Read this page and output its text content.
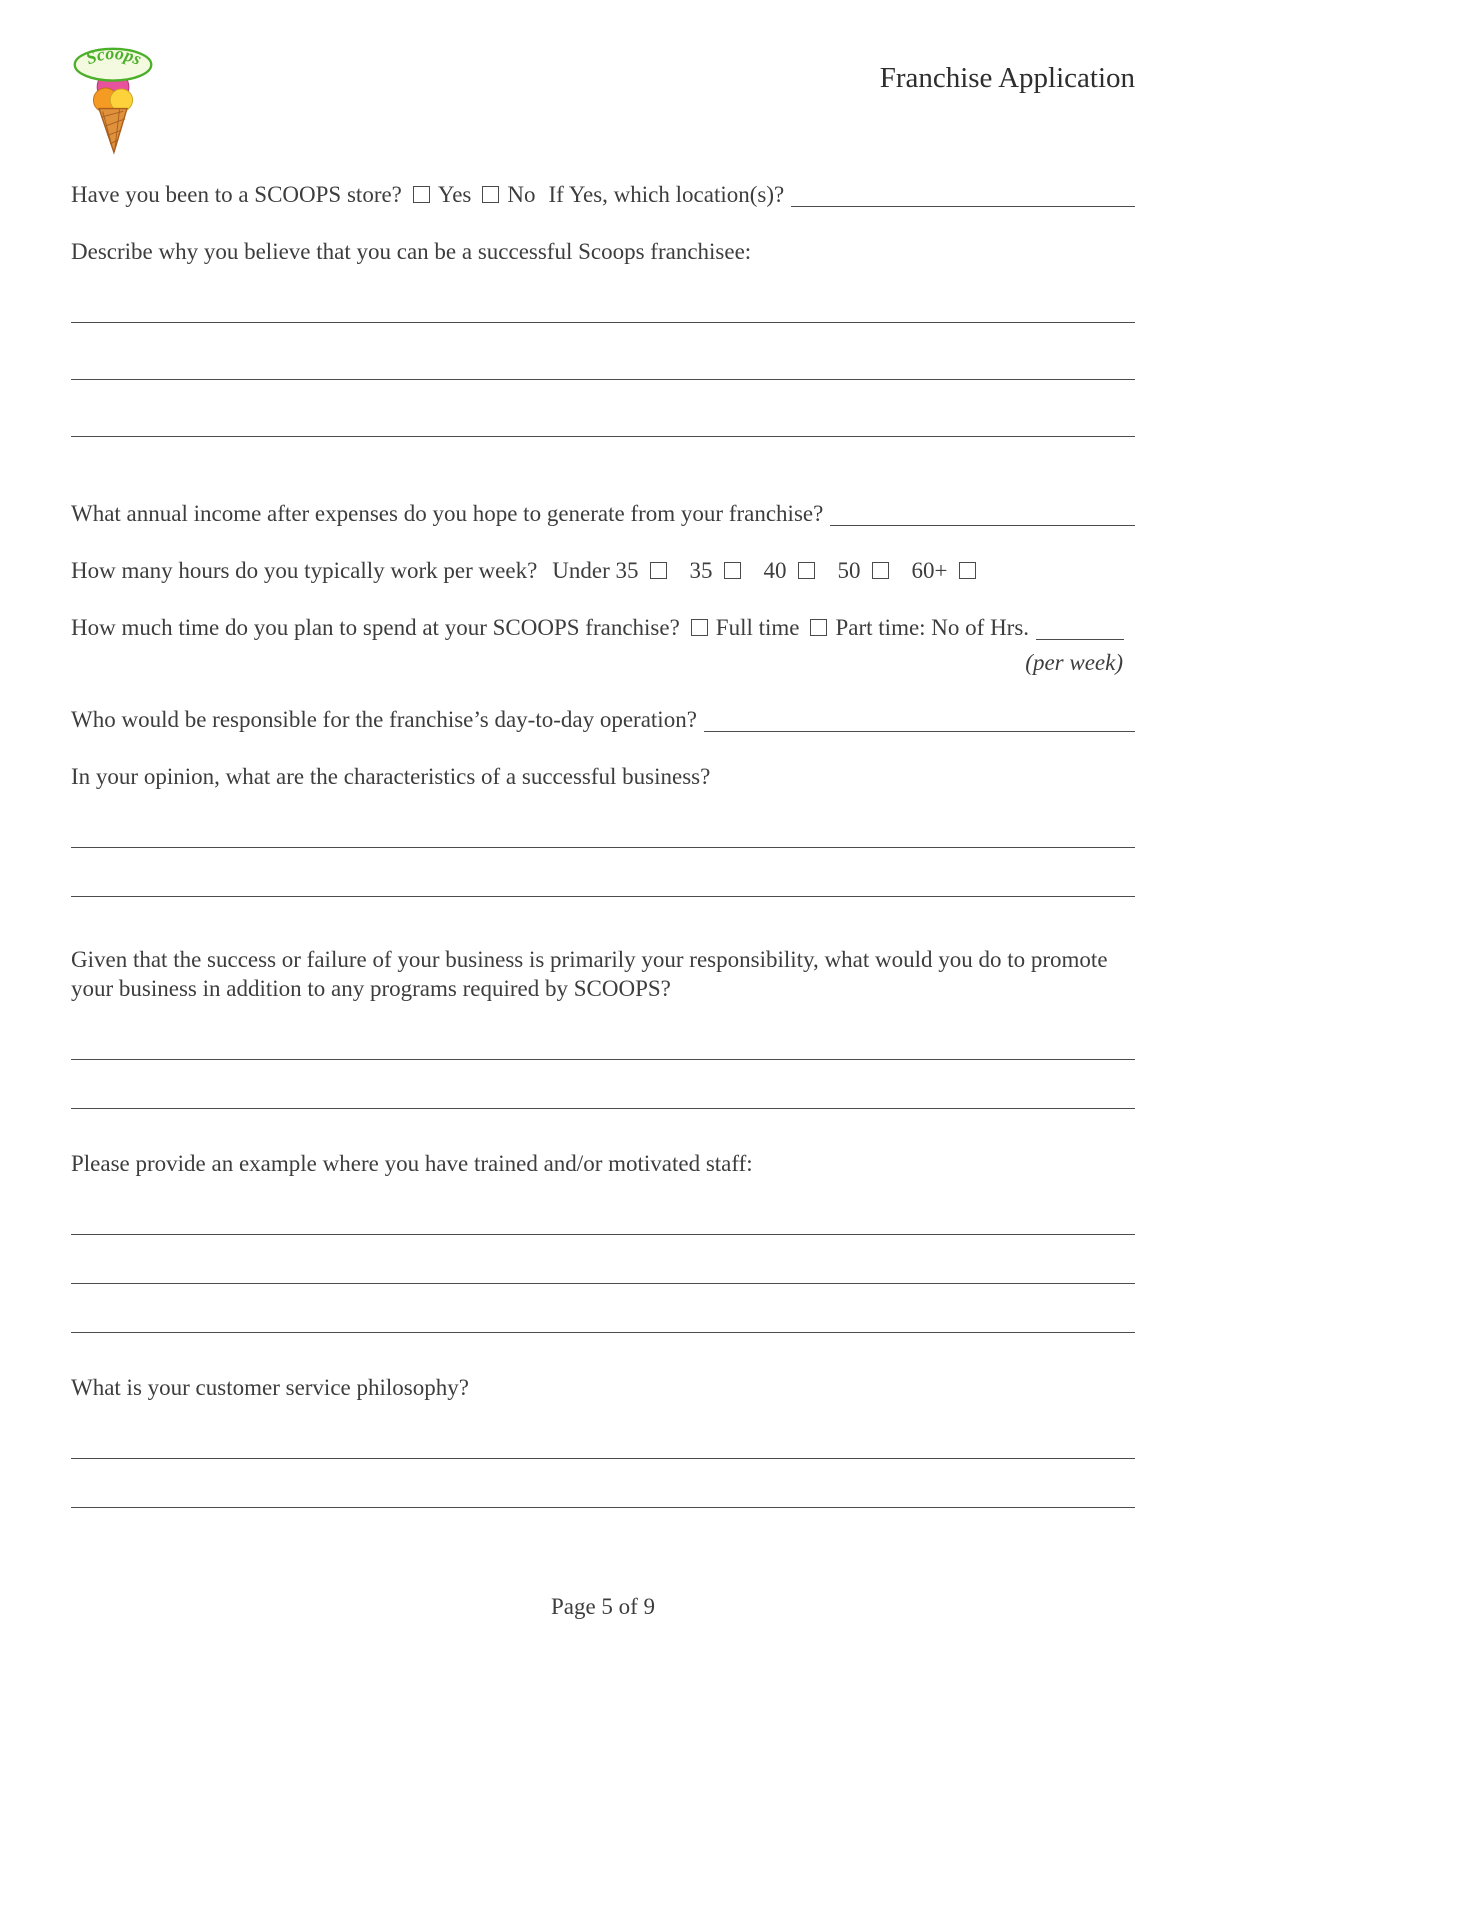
Scoops
Franchise Application

Have you been to a SCOOPS store? Yes No If Yes, which location(s)?

Describe why you believe that you can be a successful Scoops franchisee:

What annual income after expenses do you hope to generate from your franchise?

How many hours do you typically work per week? Under 35 35 40 50 60+

How much time do you plan to spend at your SCOOPS franchise? Full time Part time: No of Hrs.

(per week)

Who would be responsible for the franchise’s day-to-day operation?

In your opinion, what are the characteristics of a successful business?

Given that the success or failure of your business is primarily your responsibility, what would you do to promote your business in addition to any programs required by SCOOPS?

Please provide an example where you have trained and/or motivated staff:

What is your customer service philosophy?

Page 5 of 9
